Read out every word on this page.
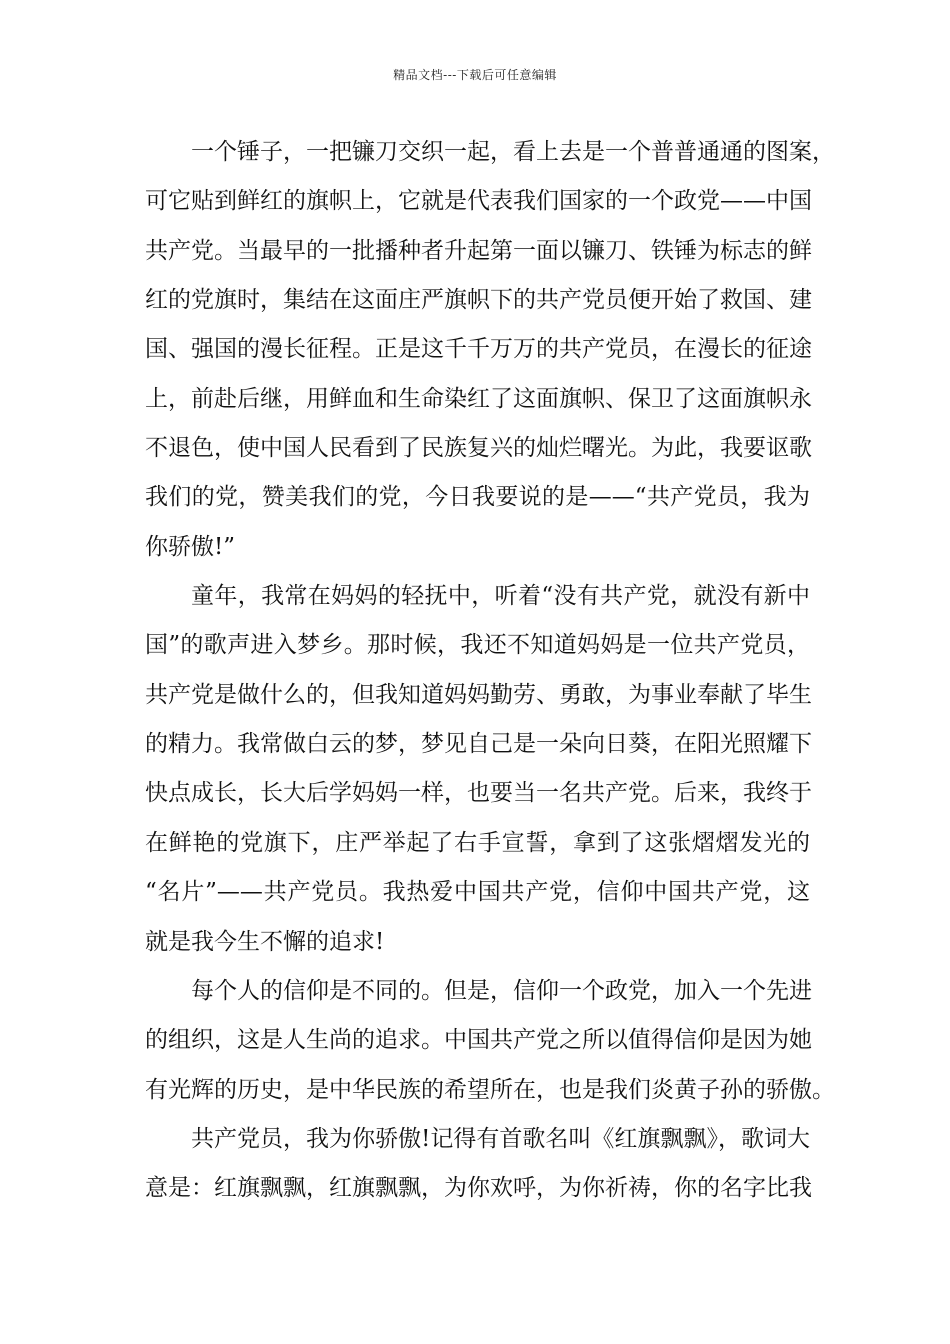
精品文档---下载后可任意编辑
一个锤子，一把镰刀交织一起，看上去是一个普普通通的图案，
可它贴到鲜红的旗帜上，它就是代表我们国家的一个政党——中国
共产党。当最早的一批播种者升起第一面以镰刀、铁锤为标志的鲜
红的党旗时，集结在这面庄严旗帜下的共产党员便开始了救国、建
国、强国的漫长征程。正是这千千万万的共产党员，在漫长的征途
上，前赴后继，用鲜血和生命染红了这面旗帜、保卫了这面旗帜永
不退色，使中国人民看到了民族复兴的灿烂曙光。为此，我要讴歌
我们的党，赞美我们的党，今日我要说的是——“共产党员，我为
你骄傲!”
童年，我常在妈妈的轻抚中，听着“没有共产党，就没有新中
国”的歌声进入梦乡。那时候，我还不知道妈妈是一位共产党员，
共产党是做什么的，但我知道妈妈勤劳、勇敢，为事业奉献了毕生
的精力。我常做白云的梦，梦见自己是一朵向日葵，在阳光照耀下
快点成长，长大后学妈妈一样，也要当一名共产党。后来，我终于
在鲜艳的党旗下，庄严举起了右手宣誓，拿到了这张熠熠发光的
“名片”——共产党员。我热爱中国共产党，信仰中国共产党，这
就是我今生不懈的追求!
每个人的信仰是不同的。但是，信仰一个政党，加入一个先进
的组织，这是人生尚的追求。中国共产党之所以值得信仰是因为她
有光辉的历史，是中华民族的希望所在，也是我们炎黄子孙的骄傲。
共产党员，我为你骄傲!记得有首歌名叫《红旗飘飘》，歌词大
意是：红旗飘飘，红旗飘飘，为你欢呼，为你祈祷，你的名字比我
